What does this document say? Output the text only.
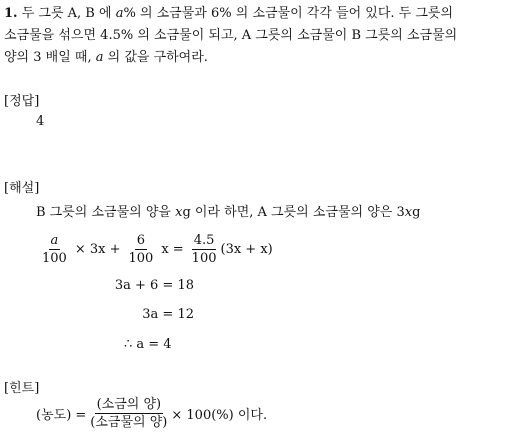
1. 두 그릇 A, B 에 a% 의 소금물과 6% 의 소금물이 각각 들어 있다. 두 그릇의
소금물을 섞으면 4.5% 의 소금물이 되고, A 그릇의 소금물이 B 그릇의 소금물의
양의 3 배일 때, a 의 값을 구하여라.
[정답]
4
[해설]
B 그릇의 소금물의 양을 xg 이라 하면, A 그릇의 소금물의 양은 3xg
$\frac{a}{100} \times 3x + \frac{6}{100}$ $x = \frac{4.5}{100} (3x + x)$
3a + 6 = 18
3a = 12
∴ a = 4
[힌트]
(농도) = $\frac{\text{(소금의 양)}}{\text{(소금물의 양)}} \times 100(\%)$ 이다.
